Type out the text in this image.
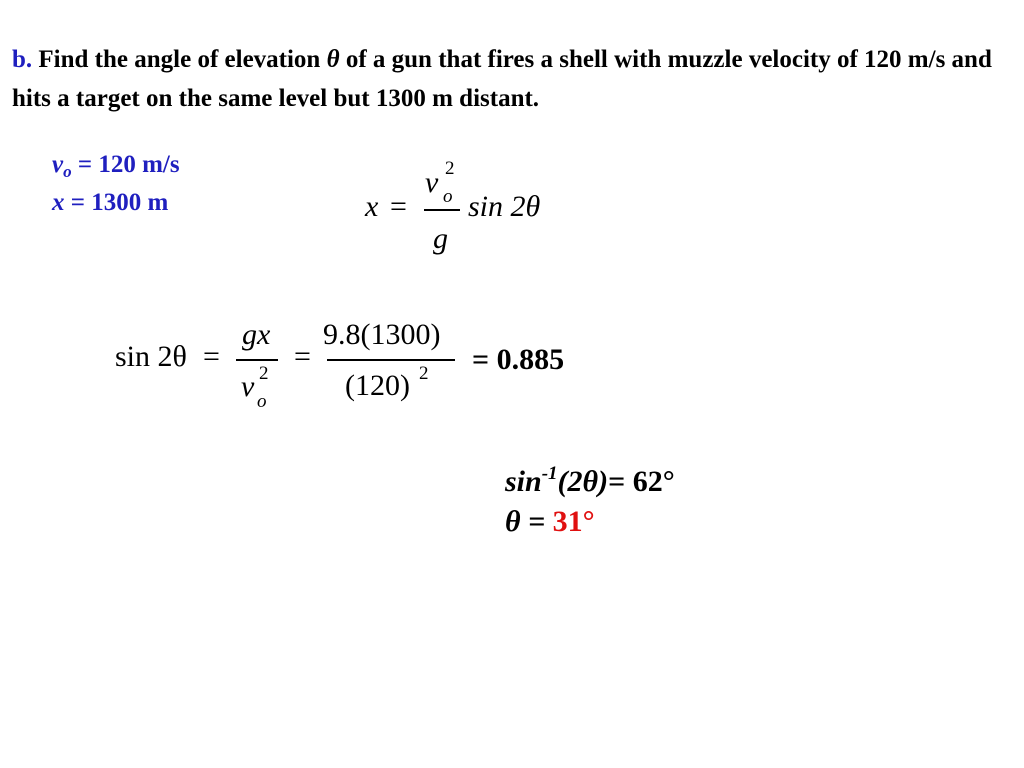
b. Find the angle of elevation θ of a gun that fires a shell with muzzle velocity of 120 m/s and hits a target on the same level but 1300 m distant.
$v_o = 120$ m/s
x = 1300 m	x =
v 2
o
g
sin 2θ
sin 2θ =
gx
v 2
o
=
9.8(1300)
(120) 2 = 0.885
$\sin^{-1}(2\theta)= 62^\circ$
θ = 31°
